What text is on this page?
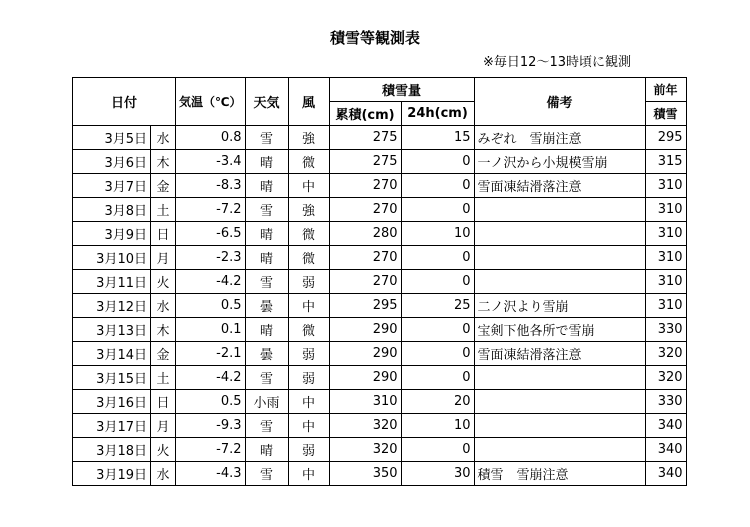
積雪等観測表
※毎日12～13時頃に観測
日付		気温（℃）	天気	風	積雪量		備考	前年
					累積(cm)	24h(cm)		積雪
3月5日	水	0.8	雪	強	275	15	みぞれ　雪崩注意	295
3月6日	木	-3.4	晴	微	275	0	一ノ沢から小規模雪崩	315
3月7日	金	-8.3	晴	中	270	0	雪面凍結滑落注意	310
3月8日	土	-7.2	雪	強	270	0		310
3月9日	日	-6.5	晴	微	280	10		310
3月10日	月	-2.3	晴	微	270	0		310
3月11日	火	-4.2	雪	弱	270	0		310
3月12日	水	0.5	曇	中	295	25	二ノ沢より雪崩	310
3月13日	木	0.1	晴	微	290	0	宝剣下他各所で雪崩	330
3月14日	金	-2.1	曇	弱	290	0	雪面凍結滑落注意	320
3月15日	土	-4.2	雪	弱	290	0		320
3月16日	日	0.5	小雨	中	310	20		330
3月17日	月	-9.3	雪	中	320	10		340
3月18日	火	-7.2	晴	弱	320	0		340
3月19日	水	-4.3	雪	中	350	30	積雪　雪崩注意	340
